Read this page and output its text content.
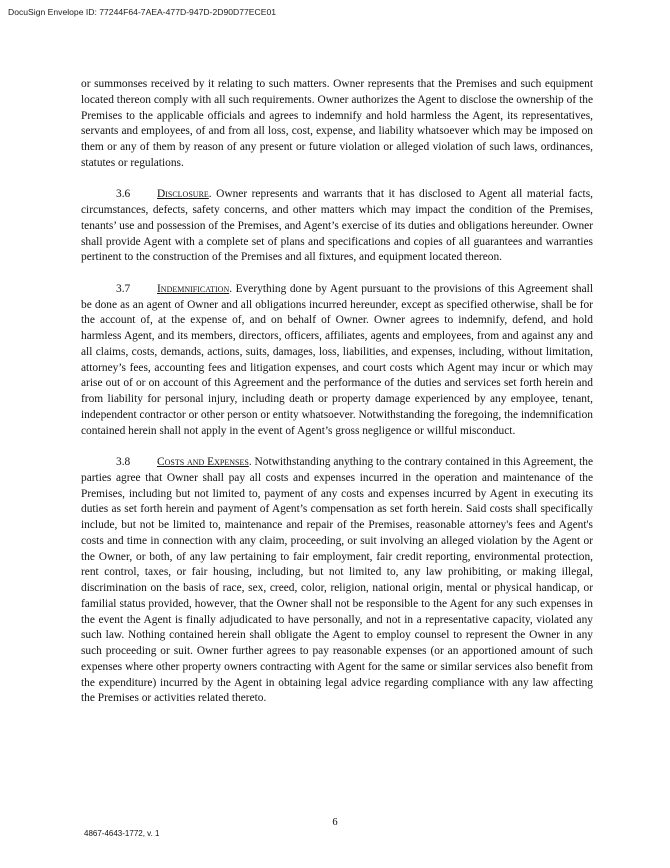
DocuSign Envelope ID: 77244F64-7AEA-477D-947D-2D90D77ECE01

or summonses received by it relating to such matters. Owner represents that the Premises and such equipment located thereon comply with all such requirements. Owner authorizes the Agent to disclose the ownership of the Premises to the applicable officials and agrees to indemnify and hold harmless the Agent, its representatives, servants and employees, of and from all loss, cost, expense, and liability whatsoever which may be imposed on them or any of them by reason of any present or future violation or alleged violation of such laws, ordinances, statutes or regulations.

3.6 Disclosure. Owner represents and warrants that it has disclosed to Agent all material facts, circumstances, defects, safety concerns, and other matters which may impact the condition of the Premises, tenants’ use and possession of the Premises, and Agent’s exercise of its duties and obligations hereunder. Owner shall provide Agent with a complete set of plans and specifications and copies of all guarantees and warranties pertinent to the construction of the Premises and all fixtures, and equipment located thereon.

3.7 Indemnification. Everything done by Agent pursuant to the provisions of this Agreement shall be done as an agent of Owner and all obligations incurred hereunder, except as specified otherwise, shall be for the account of, at the expense of, and on behalf of Owner. Owner agrees to indemnify, defend, and hold harmless Agent, and its members, directors, officers, affiliates, agents and employees, from and against any and all claims, costs, demands, actions, suits, damages, loss, liabilities, and expenses, including, without limitation, attorney’s fees, accounting fees and litigation expenses, and court costs which Agent may incur or which may arise out of or on account of this Agreement and the performance of the duties and services set forth herein and from liability for personal injury, including death or property damage experienced by any employee, tenant, independent contractor or other person or entity whatsoever. Notwithstanding the foregoing, the indemnification contained herein shall not apply in the event of Agent’s gross negligence or willful misconduct.

3.8 Costs and Expenses. Notwithstanding anything to the contrary contained in this Agreement, the parties agree that Owner shall pay all costs and expenses incurred in the operation and maintenance of the Premises, including but not limited to, payment of any costs and expenses incurred by Agent in executing its duties as set forth herein and payment of Agent’s compensation as set forth herein. Said costs shall specifically include, but not be limited to, maintenance and repair of the Premises, reasonable attorney's fees and Agent's costs and time in connection with any claim, proceeding, or suit involving an alleged violation by the Agent or the Owner, or both, of any law pertaining to fair employment, fair credit reporting, environmental protection, rent control, taxes, or fair housing, including, but not limited to, any law prohibiting, or making illegal, discrimination on the basis of race, sex, creed, color, religion, national origin, mental or physical handicap, or familial status provided, however, that the Owner shall not be responsible to the Agent for any such expenses in the event the Agent is finally adjudicated to have personally, and not in a representative capacity, violated any such law. Nothing contained herein shall obligate the Agent to employ counsel to represent the Owner in any such proceeding or suit. Owner further agrees to pay reasonable expenses (or an apportioned amount of such expenses where other property owners contracting with Agent for the same or similar services also benefit from the expenditure) incurred by the Agent in obtaining legal advice regarding compliance with any law affecting the Premises or activities related thereto.

6
4867-4643-1772, v. 1
